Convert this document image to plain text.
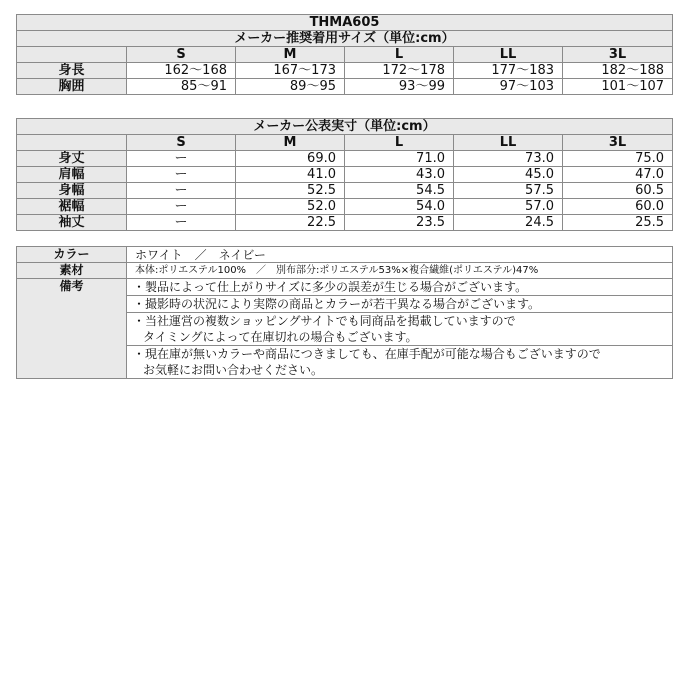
THMA605					
メーカー推奨着用サイズ（単位:cm）					
	S	M	L	LL	3L
身長	162～168	167～173	172～178	177～183	182～188
胸囲	85～91	89～95	93～99	97～103	101～107
メーカー公表実寸（単位:cm）					
	S	M	L	LL	3L
身丈	ー	69.0	71.0	73.0	75.0
肩幅	ー	41.0	43.0	45.0	47.0
身幅	ー	52.5	54.5	57.5	60.5
裾幅	ー	52.0	54.0	57.0	60.0
袖丈	ー	22.5	23.5	24.5	25.5
カラー	ホワイト　／　ネイビー
素材	本体:ポリエステル100%　／　別布部分:ポリエステル53%×複合繊維(ポリエステル)47%
備考	・製品によって仕上がりサイズに多少の誤差が生じる場合がございます。

	・撮影時の状況により実際の商品とカラーが若干異なる場合がございます。

	・当社運営の複数ショッピングサイトでも同商品を掲載していますので
タイミングによって在庫切れの場合もございます。

	・現在庫が無いカラーや商品につきましても、在庫手配が可能な場合もございますので
お気軽にお問い合わせください。
